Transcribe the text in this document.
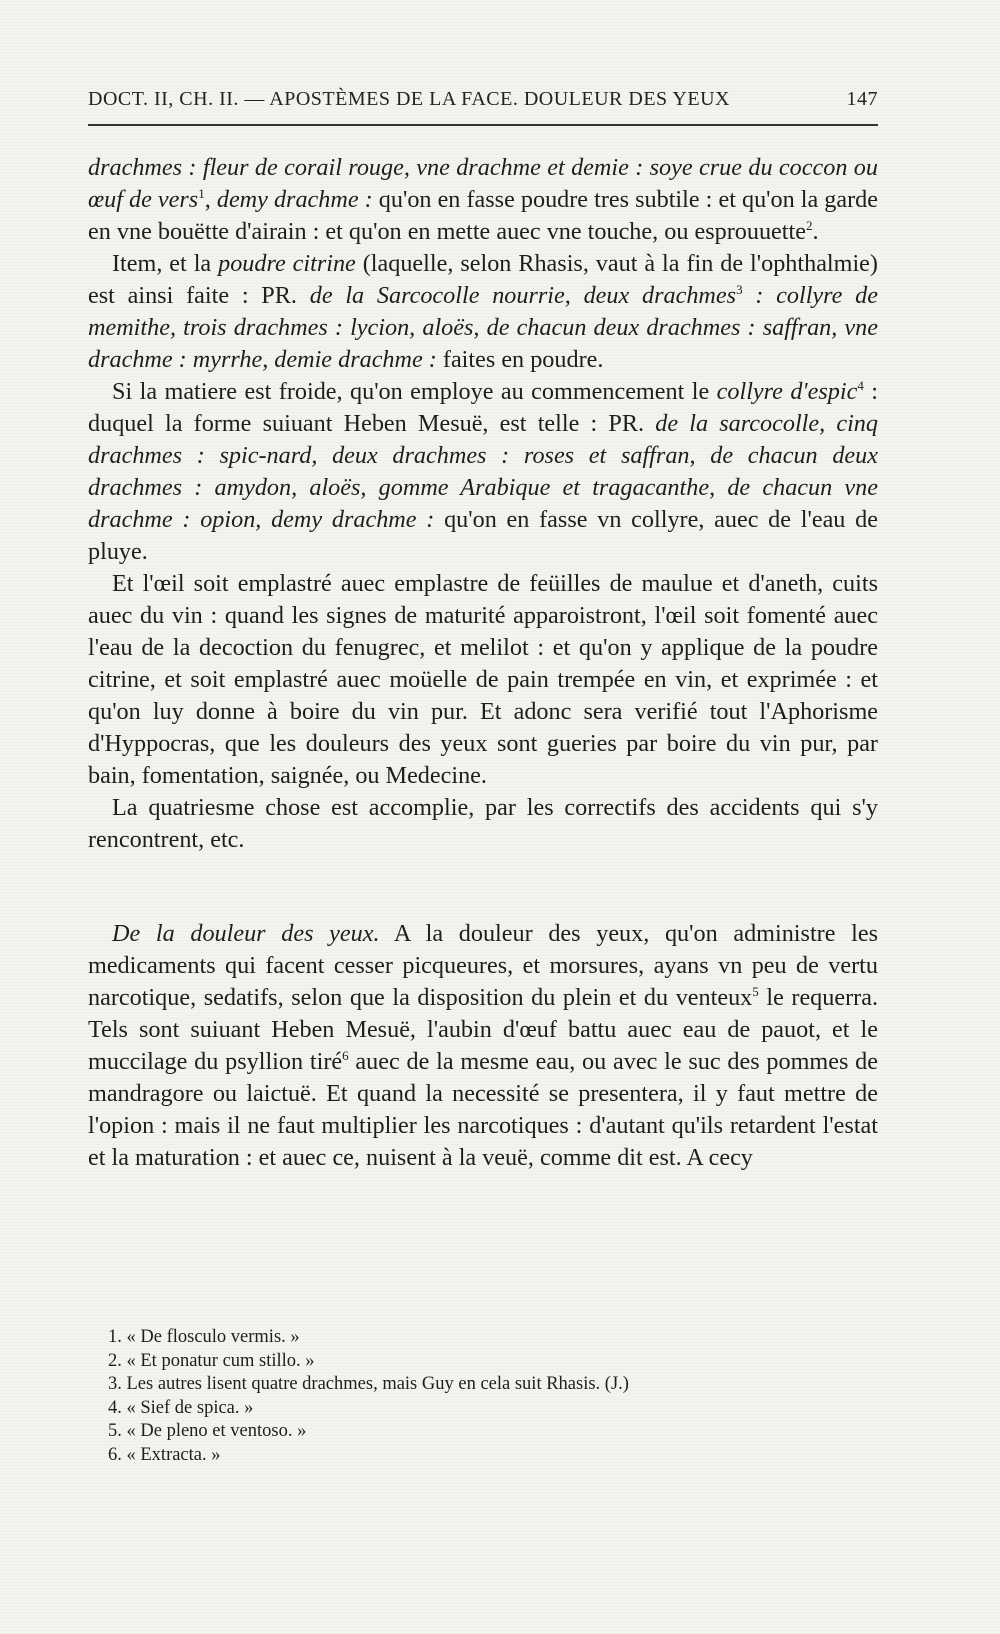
DOCT. II, CH. II. — APOSTÈMES DE LA FACE. DOULEUR DES YEUX	147

drachmes : fleur de corail rouge, vne drachme et demie : soye crue du coccon ou œuf de vers$^1$, demy drachme : qu'on en fasse poudre tres subtile : et qu'on la garde en vne bouëtte d'airain : et qu'on en mette auec vne touche, ou esprouuette$^2$.

Item, et la poudre citrine (laquelle, selon Rhasis, vaut à la fin de l'ophthalmie) est ainsi faite : PR. de la Sarcocolle nourrie, deux drachmes$^3$ : collyre de memithe, trois drachmes : lycion, aloës, de chacun deux drachmes : saffran, vne drachme : myrrhe, demie drachme : faites en poudre.

Si la matiere est froide, qu'on employe au commencement le collyre d'espic$^4$ : duquel la forme suiuant Heben Mesuë, est telle : PR. de la sarcocolle, cinq drachmes : spic-nard, deux drachmes : roses et saffran, de chacun deux drachmes : amydon, aloës, gomme Arabique et tragacanthe, de chacun vne drachme : opion, demy drachme : qu'on en fasse vn collyre, auec de l'eau de pluye.

Et l'œil soit emplastré auec emplastre de feüilles de maulue et d'aneth, cuits auec du vin : quand les signes de maturité apparoistront, l'œil soit fomenté auec l'eau de la decoction du fenugrec, et melilot : et qu'on y applique de la poudre citrine, et soit emplastré auec moüelle de pain trempée en vin, et exprimée : et qu'on luy donne à boire du vin pur. Et adonc sera verifié tout l'Aphorisme d'Hyppocras, que les douleurs des yeux sont gueries par boire du vin pur, par bain, fomentation, saignée, ou Medecine.

La quatriesme chose est accomplie, par les correctifs des accidents qui s'y rencontrent, etc.

De la douleur des yeux. A la douleur des yeux, qu'on administre les medicaments qui facent cesser picqueures, et morsures, ayans vn peu de vertu narcotique, sedatifs, selon que la disposition du plein et du venteux$^5$ le requerra. Tels sont suiuant Heben Mesuë, l'aubin d'œuf battu auec eau de pauot, et le muccilage du psyllion tiré$^6$ auec de la mesme eau, ou avec le suc des pommes de mandragore ou laictuë. Et quand la necessité se presentera, il y faut mettre de l'opion : mais il ne faut multiplier les narcotiques : d'autant qu'ils retardent l'estat et la maturation : et auec ce, nuisent à la veuë, comme dit est. A cecy

1. « De flosculo vermis. »
2. « Et ponatur cum stillo. »
3. Les autres lisent quatre drachmes, mais Guy en cela suit Rhasis. (J.)
4. « Sief de spica. »
5. « De pleno et ventoso. »
6. « Extracta. »
